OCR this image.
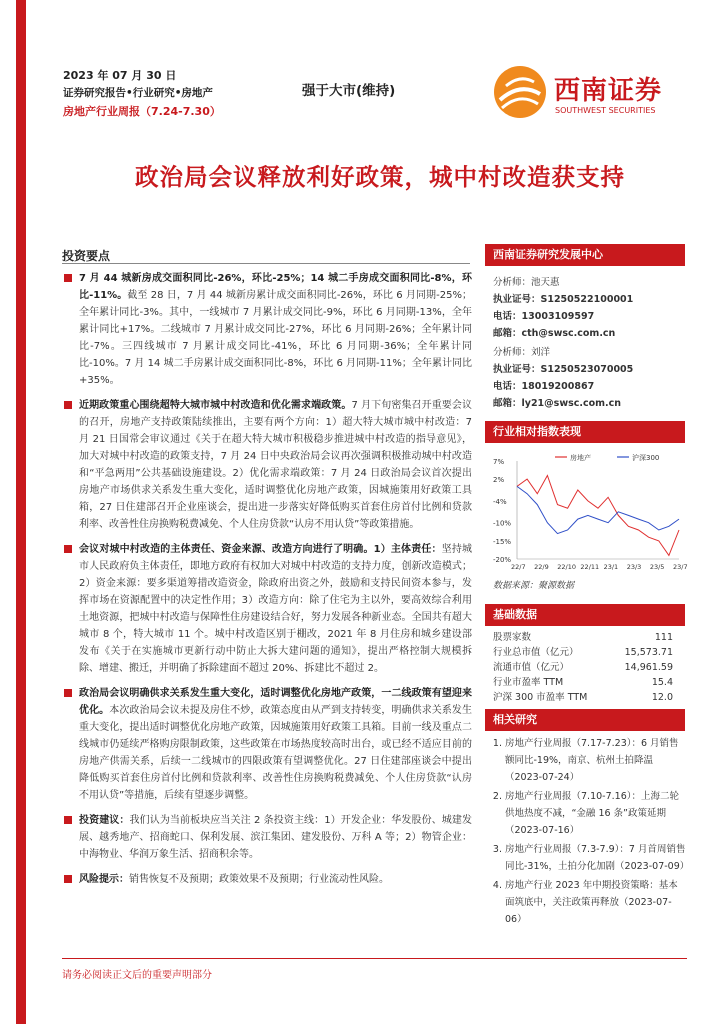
2023 年 07 月 30 日
证券研究报告•行业研究•房地产
房地产行业周报（7.24-7.30）
强于大市(维持)	西南证券
SOUTHWEST SECURITIES
政治局会议释放利好政策，城中村改造获支持
投资要点

7 月 44 城新房成交面积同比-26%，环比-25%；14 城二手房成交面积同比-8%，环比-11%。截至 28 日，7 月 44 城新房累计成交面积同比-26%，环比 6 月同期-25%；全年累计同比-3%。其中，一线城市 7 月累计成交同比-9%，环比 6 月同期-13%，全年累计同比+17%。二线城市 7 月累计成交同比-27%，环比 6 月同期-26%；全年累计同比-7%。三四线城市 7 月累计成交同比-41%，环比 6 月同期-36%；全年累计同比-10%。7 月 14 城二手房累计成交面积同比-8%，环比 6 月同期-11%；全年累计同比+35%。

近期政策重心围绕超特大城市城中村改造和优化需求端政策。7 月下旬密集召开重要会议的召开，房地产支持政策陆续推出，主要有两个方向：1）超大特大城市城中村改造：7 月 21 日国常会审议通过《关于在超大特大城市积极稳步推进城中村改造的指导意见》，加大对城中村改造的政策支持，7 月 24 日中央政治局会议再次强调积极推动城中村改造和“平急两用”公共基础设施建设。2）优化需求端政策：7 月 24 日政治局会议首次提出房地产市场供求关系发生重大变化，适时调整优化房地产政策，因城施策用好政策工具箱，27 日住建部召开企业座谈会，提出进一步落实好降低购买首套住房首付比例和贷款利率、改善性住房换购税费减免、个人住房贷款“认房不用认贷”等政策措施。

会议对城中村改造的主体责任、资金来源、改造方向进行了明确。1）主体责任：坚持城市人民政府负主体责任，即地方政府有权加大对城中村改造的支持力度，创新改造模式；2）资金来源：要多渠道筹措改造资金，除政府出资之外，鼓励和支持民间资本参与，发挥市场在资源配置中的决定性作用；3）改造方向：除了住宅为主以外，要高效综合利用土地资源，把城中村改造与保障性住房建设结合好，努力发展各种新业态。全国共有超大城市 8 个，特大城市 11 个。城中村改造区别于棚改，2021 年 8 月住房和城乡建设部发布《关于在实施城市更新行动中防止大拆大建问题的通知》，提出严格控制大规模拆除、增建、搬迁，并明确了拆除建面不超过 20%、拆建比不超过 2。

政治局会议明确供求关系发生重大变化，适时调整优化房地产政策，一二线政策有望迎来优化。本次政治局会议未提及房住不炒，政策态度由从严到支持转变，明确供求关系发生重大变化，提出适时调整优化房地产政策，因城施策用好政策工具箱。目前一线及重点二线城市仍延续严格购房限制政策，这些政策在市场热度较高时出台，或已经不适应目前的房地产供需关系，后续一二线城市的四限政策有望调整优化。27 日住建部座谈会中提出降低购买首套住房首付比例和贷款利率、改善性住房换购税费减免、个人住房贷款“认房不用认贷”等措施，后续有望逐步调整。

投资建议：我们认为当前板块应当关注 2 条投资主线：1）开发企业：华发股份、城建发展、越秀地产、招商蛇口、保利发展、滨江集团、建发股份、万科 A 等；2）物管企业：中海物业、华润万象生活、招商积余等。

风险提示：销售恢复不及预期；政策效果不及预期；行业流动性风险。

西南证券研究发展中心
分析师：池天惠
执业证号：S1250522100001
电话：13003109597
邮箱：cth@swsc.com.cn
分析师：刘洋
执业证号：S1250523070005
电话：18019200867
邮箱：ly21@swsc.com.cn
行业相对指数表现
7%
2%
-4%
-10%
-15%
-20%
22/7 22/9 22/10 22/11 23/1 23/3 23/5 23/7
房地产	沪深300
数据来源：聚源数据
基础数据
股票家数	111
行业总市值（亿元）	15,573.71
流通市值（亿元）	14,961.59
行业市盈率 TTM	15.4
沪深 300 市盈率 TTM	12.0
相关研究
1. 房地产行业周报（7.17-7.23）：6 月销售额同比-19%，南京、杭州土拍降温（2023-07-24）
2. 房地产行业周报（7.10-7.16）：上海二轮供地热度不减，“金融 16 条”政策延期（2023-07-16）
3. 房地产行业周报（7.3-7.9）：7 月首周销售同比-31%，土拍分化加剧（2023-07-09）
4. 房地产行业 2023 年中期投资策略：基本面筑底中，关注政策再释放（2023-07-06）
请务必阅读正文后的重要声明部分
